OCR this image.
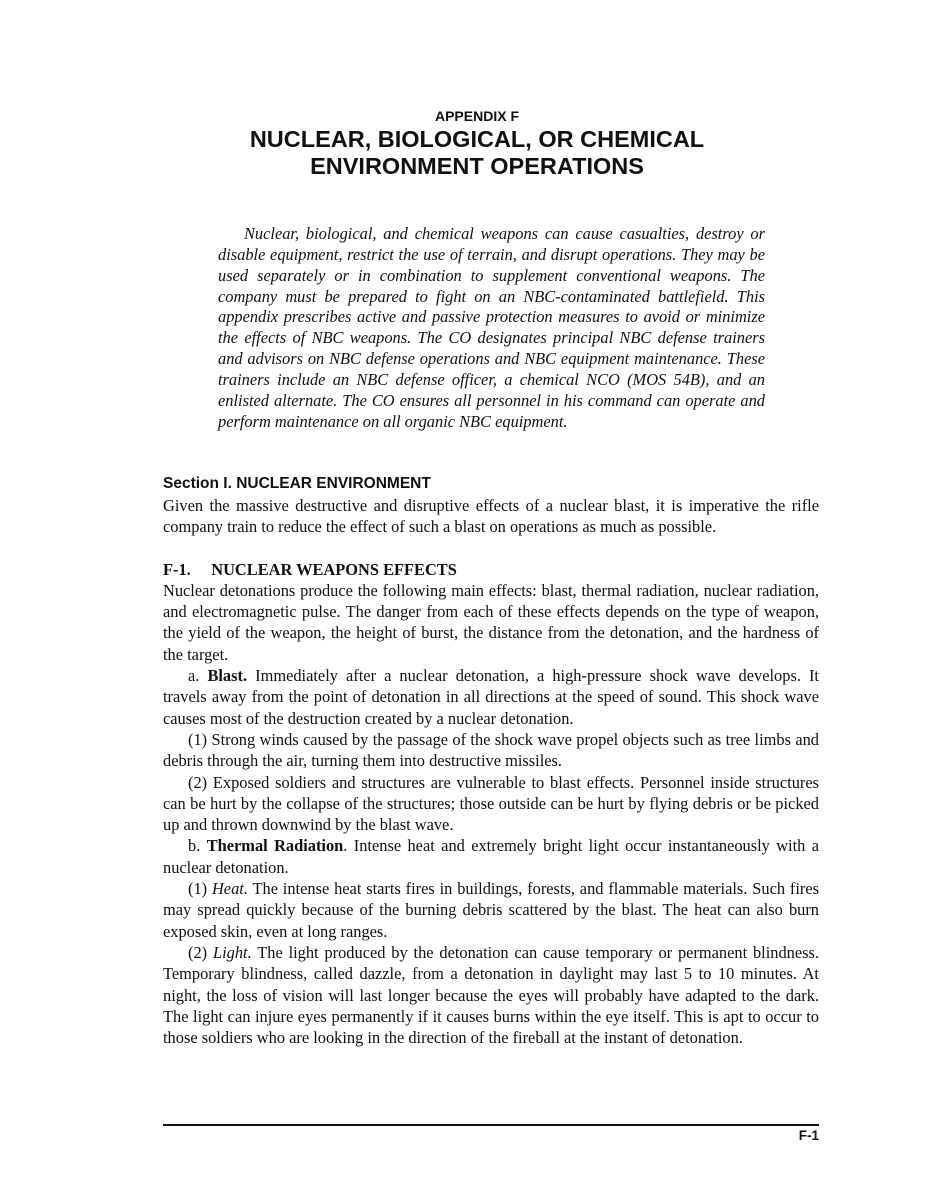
APPENDIX F
NUCLEAR, BIOLOGICAL, OR CHEMICAL
ENVIRONMENT OPERATIONS

Nuclear, biological, and chemical weapons can cause casualties, destroy or disable equipment, restrict the use of terrain, and disrupt operations. They may be used separately or in combination to supplement conventional weapons. The company must be prepared to fight on an NBC-contaminated battlefield. This appendix prescribes active and passive protection measures to avoid or minimize the effects of NBC weapons. The CO designates principal NBC defense trainers and advisors on NBC defense operations and NBC equipment maintenance. These trainers include an NBC defense officer, a chemical NCO (MOS 54B), and an enlisted alternate. The CO ensures all personnel in his command can operate and perform maintenance on all organic NBC equipment.

Section I. NUCLEAR ENVIRONMENT

Given the massive destructive and disruptive effects of a nuclear blast, it is imperative the rifle company train to reduce the effect of such a blast on operations as much as possible.

F-1.     NUCLEAR WEAPONS EFFECTS

Nuclear detonations produce the following main effects: blast, thermal radiation, nuclear radiation, and electromagnetic pulse. The danger from each of these effects depends on the type of weapon, the yield of the weapon, the height of burst, the distance from the detonation, and the hardness of the target.

a. Blast. Immediately after a nuclear detonation, a high-pressure shock wave develops. It travels away from the point of detonation in all directions at the speed of sound. This shock wave causes most of the destruction created by a nuclear detonation.

(1) Strong winds caused by the passage of the shock wave propel objects such as tree limbs and debris through the air, turning them into destructive missiles.

(2) Exposed soldiers and structures are vulnerable to blast effects. Personnel inside structures can be hurt by the collapse of the structures; those outside can be hurt by flying debris or be picked up and thrown downwind by the blast wave.

b. Thermal Radiation. Intense heat and extremely bright light occur instantaneously with a nuclear detonation.

(1) Heat. The intense heat starts fires in buildings, forests, and flammable materials. Such fires may spread quickly because of the burning debris scattered by the blast. The heat can also burn exposed skin, even at long ranges.

(2) Light. The light produced by the detonation can cause temporary or permanent blindness. Temporary blindness, called dazzle, from a detonation in daylight may last 5 to 10 minutes. At night, the loss of vision will last longer because the eyes will probably have adapted to the dark. The light can injure eyes permanently if it causes burns within the eye itself. This is apt to occur to those soldiers who are looking in the direction of the fireball at the instant of detonation.

F-1
